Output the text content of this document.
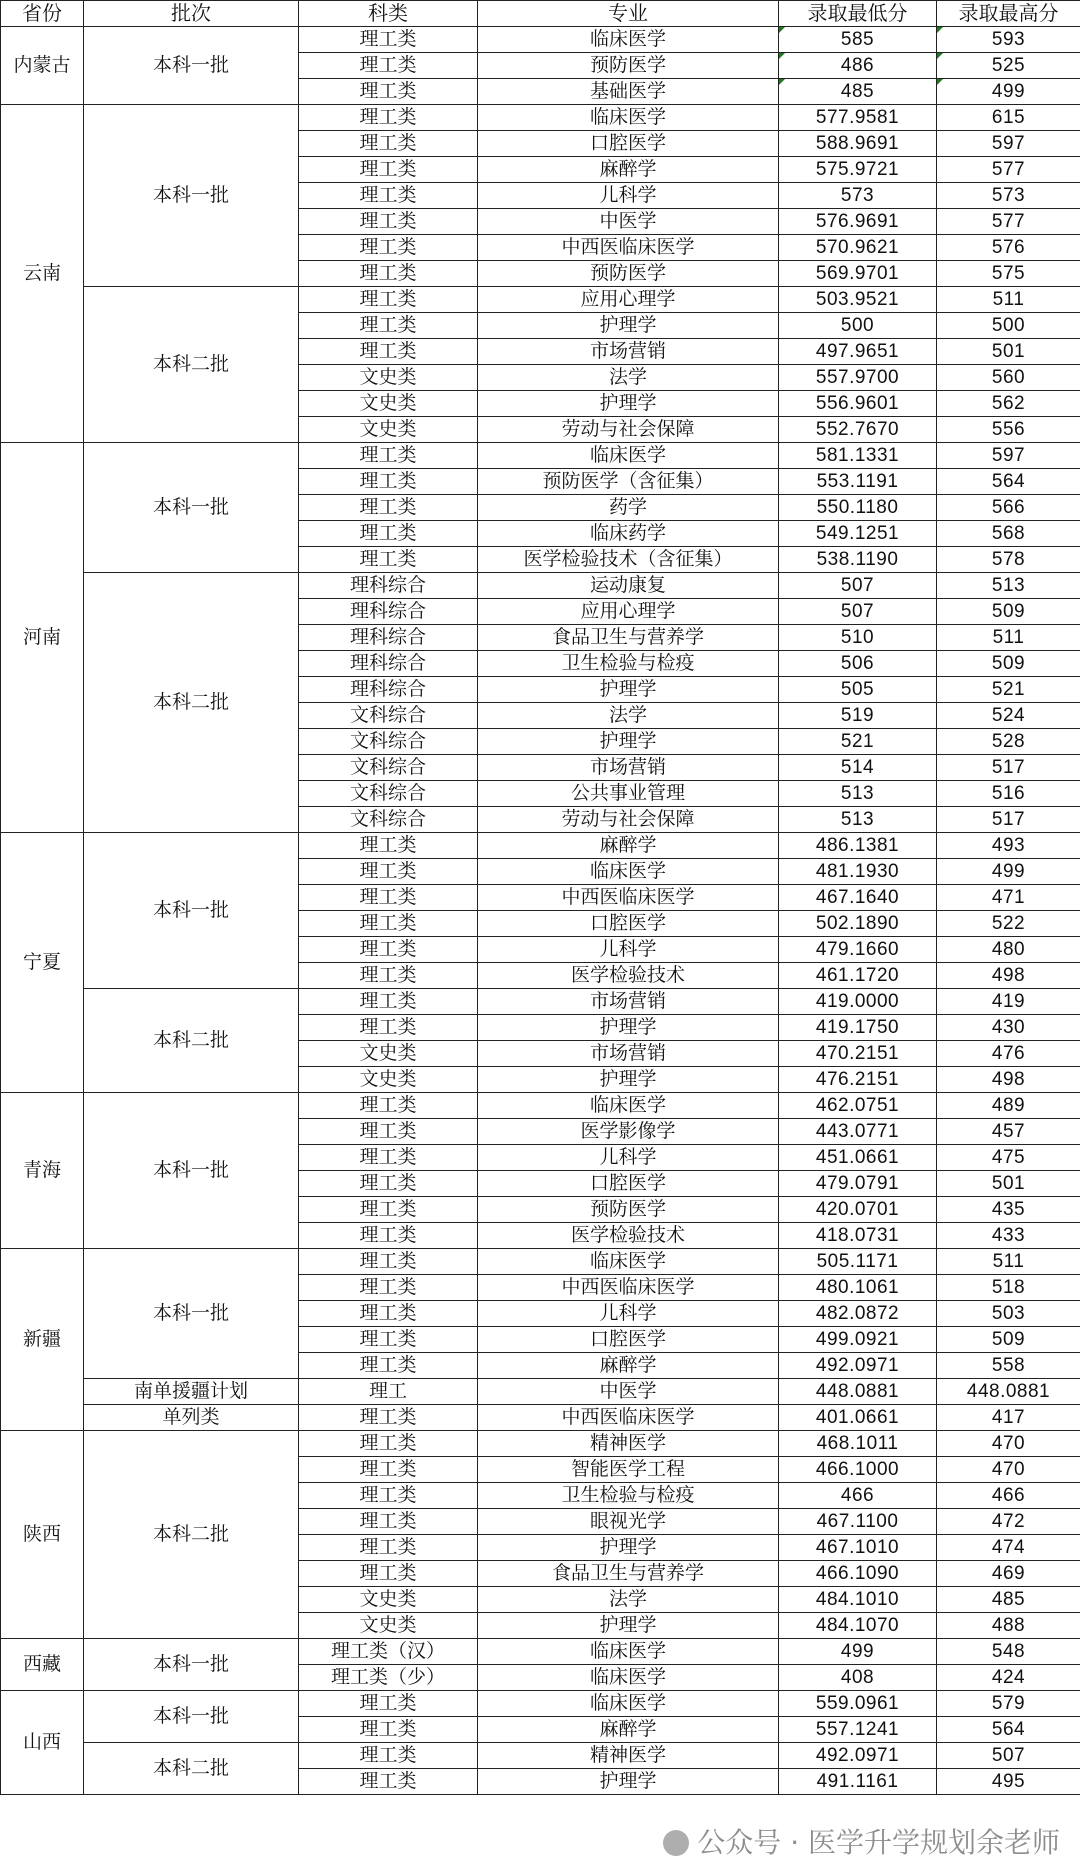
省份	批次	科类	专业	录取最低分	录取最高分
内蒙古	本科一批	理工类	临床医学	585	593
		理工类	预防医学	486	525
		理工类	基础医学	485	499
云南	本科一批	理工类	临床医学	577.9581	615
		理工类	口腔医学	588.9691	597
		理工类	麻醉学	575.9721	577
		理工类	儿科学	573	573
		理工类	中医学	576.9691	577
		理工类	中西医临床医学	570.9621	576
		理工类	预防医学	569.9701	575
	本科二批	理工类	应用心理学	503.9521	511
		理工类	护理学	500	500
		理工类	市场营销	497.9651	501
		文史类	法学	557.9700	560
		文史类	护理学	556.9601	562
		文史类	劳动与社会保障	552.7670	556
河南	本科一批	理工类	临床医学	581.1331	597
		理工类	预防医学（含征集）	553.1191	564
		理工类	药学	550.1180	566
		理工类	临床药学	549.1251	568
		理工类	医学检验技术（含征集）	538.1190	578
	本科二批	理科综合	运动康复	507	513
		理科综合	应用心理学	507	509
		理科综合	食品卫生与营养学	510	511
		理科综合	卫生检验与检疫	506	509
		理科综合	护理学	505	521
		文科综合	法学	519	524
		文科综合	护理学	521	528
		文科综合	市场营销	514	517
		文科综合	公共事业管理	513	516
		文科综合	劳动与社会保障	513	517
宁夏	本科一批	理工类	麻醉学	486.1381	493
		理工类	临床医学	481.1930	499
		理工类	中西医临床医学	467.1640	471
		理工类	口腔医学	502.1890	522
		理工类	儿科学	479.1660	480
		理工类	医学检验技术	461.1720	498
	本科二批	理工类	市场营销	419.0000	419
		理工类	护理学	419.1750	430
		文史类	市场营销	470.2151	476
		文史类	护理学	476.2151	498
青海	本科一批	理工类	临床医学	462.0751	489
		理工类	医学影像学	443.0771	457
		理工类	儿科学	451.0661	475
		理工类	口腔医学	479.0791	501
		理工类	预防医学	420.0701	435
		理工类	医学检验技术	418.0731	433
新疆	本科一批	理工类	临床医学	505.1171	511
		理工类	中西医临床医学	480.1061	518
		理工类	儿科学	482.0872	503
		理工类	口腔医学	499.0921	509
		理工类	麻醉学	492.0971	558
	南单援疆计划	理工	中医学	448.0881	448.0881
	单列类	理工类	中西医临床医学	401.0661	417
陕西	本科二批	理工类	精神医学	468.1011	470
		理工类	智能医学工程	466.1000	470
		理工类	卫生检验与检疫	466	466
		理工类	眼视光学	467.1100	472
		理工类	护理学	467.1010	474
		理工类	食品卫生与营养学	466.1090	469
		文史类	法学	484.1010	485
		文史类	护理学	484.1070	488
西藏	本科一批	理工类（汉）	临床医学	499	548
		理工类（少）	临床医学	408	424
山西	本科一批	理工类	临床医学	559.0961	579
		理工类	麻醉学	557.1241	564
	本科二批	理工类	精神医学	492.0971	507
		理工类	护理学	491.1161	495
公众号 · 医学升学规划余老师
